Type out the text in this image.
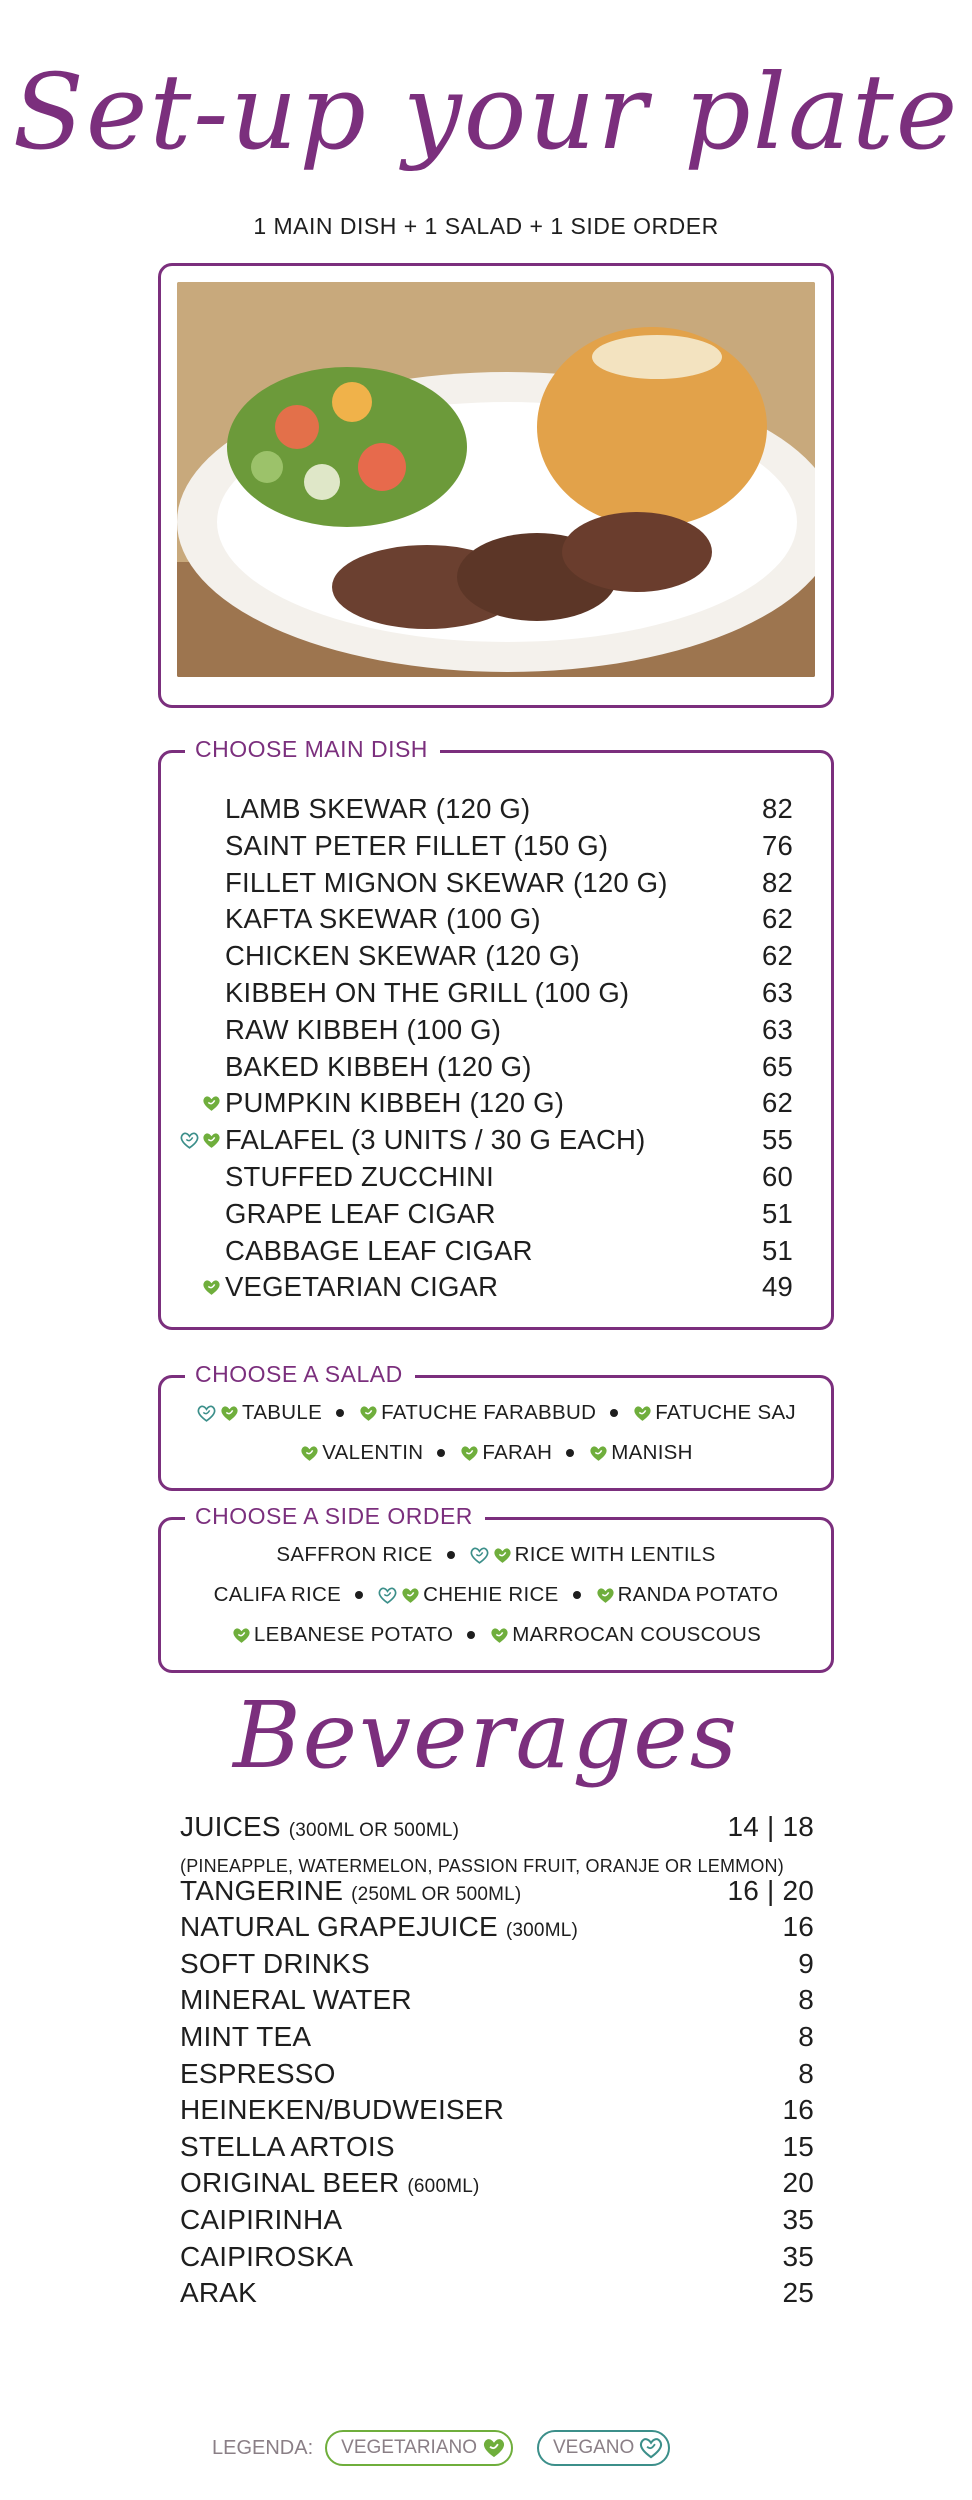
Set-up your plate
1 MAIN DISH + 1 SALAD + 1 SIDE ORDER
CHOOSE MAIN DISH
LAMB SKEWAR (120 G)	82
SAINT PETER FILLET (150 G)	76
FILLET MIGNON SKEWAR (120 G)	82
KAFTA SKEWAR (100 G)	62
CHICKEN SKEWAR (120 G)	62
KIBBEH ON THE GRILL (100 G)	63
RAW KIBBEH (100 G)	63
BAKED KIBBEH (120 G)	65
PUMPKIN KIBBEH (120 G)	62
FALAFEL (3 UNITS / 30 G EACH)	55
STUFFED ZUCCHINI	60
GRAPE LEAF CIGAR	51
CABBAGE LEAF CIGAR	51
VEGETARIAN CIGAR	49
CHOOSE A SALAD
TABULE	FATUCHE FARABBUD	FATUCHE SAJ
VALENTIN	FARAH	MANISH
CHOOSE A SIDE ORDER
SAFFRON RICE	RICE WITH LENTILS
CALIFA RICE	CHEHIE RICE	RANDA POTATO
LEBANESE POTATO	MARROCAN COUSCOUS
Beverages
JUICES (300ML OR 500ML)	14 | 18
TANGERINE (250ML OR 500ML)	16 | 20
NATURAL GRAPEJUICE (300ML)	16
SOFT DRINKS	9
MINERAL WATER	8
MINT TEA	8
ESPRESSO	8
HEINEKEN/BUDWEISER	16
STELLA ARTOIS	15
ORIGINAL BEER (600ML)	20
CAIPIRINHA	35
CAIPIROSKA	35
ARAK	25
(PINEAPPLE, WATERMELON, PASSION FRUIT, ORANJE OR LEMMON)
LEGENDA: VEGETARIANO	VEGANO
